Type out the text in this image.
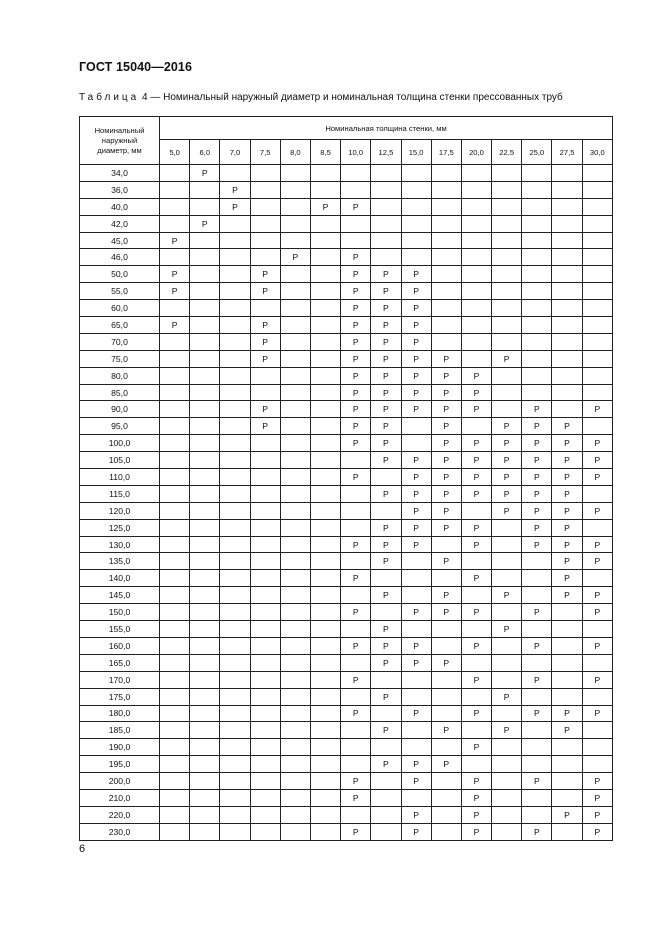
ГОСТ 15040—2016
Таблица 4 — Номинальный наружный диаметр и номинальная толщина стенки прессованных труб
Номинальный
наружный
диаметр, мм	Номинальная толщина стенки, мм														
	5,0	6,0	7,0	7,5	8,0	8,5	10,0	12,5	15,0	17,5	20,0	22,5	25,0	27,5	30,0
34,0		Р													
36,0			Р												
40,0			Р			Р	Р								
42,0		Р													
45,0	Р														
46,0					Р		Р								
50,0	Р			Р			Р	Р	Р						
55,0	Р			Р			Р	Р	Р						
60,0							Р	Р	Р						
65,0	Р			Р			Р	Р	Р						
70,0				Р			Р	Р	Р						
75,0				Р			Р	Р	Р	Р		Р			
80,0							Р	Р	Р	Р	Р				
85,0							Р	Р	Р	Р	Р				
90,0				Р			Р	Р	Р	Р	Р		Р		Р
95,0				Р			Р	Р		Р		Р	Р	Р	
100,0							Р	Р		Р	Р	Р	Р	Р	Р
105,0								Р	Р	Р	Р	Р	Р	Р	Р
110,0							Р		Р	Р	Р	Р	Р	Р	Р
115,0								Р	Р	Р	Р	Р	Р	Р	
120,0									Р	Р		Р	Р	Р	Р
125,0								Р	Р	Р	Р		Р	Р	
130,0							Р	Р	Р		Р		Р	Р	Р
135,0								Р		Р				Р	Р
140,0							Р				Р			Р	
145,0								Р		Р		Р		Р	Р
150,0							Р		Р	Р	Р		Р		Р
155,0								Р				Р			
160,0							Р	Р	Р		Р		Р		Р
165,0								Р	Р	Р					
170,0							Р				Р		Р		Р
175,0								Р				Р			
180,0							Р		Р		Р		Р	Р	Р
185,0								Р		Р		Р		Р	
190,0											Р				
195,0								Р	Р	Р					
200,0							Р		Р		Р		Р		Р
210,0							Р				Р				Р
220,0									Р		Р			Р	Р
230,0							Р		Р		Р		Р		Р
6
